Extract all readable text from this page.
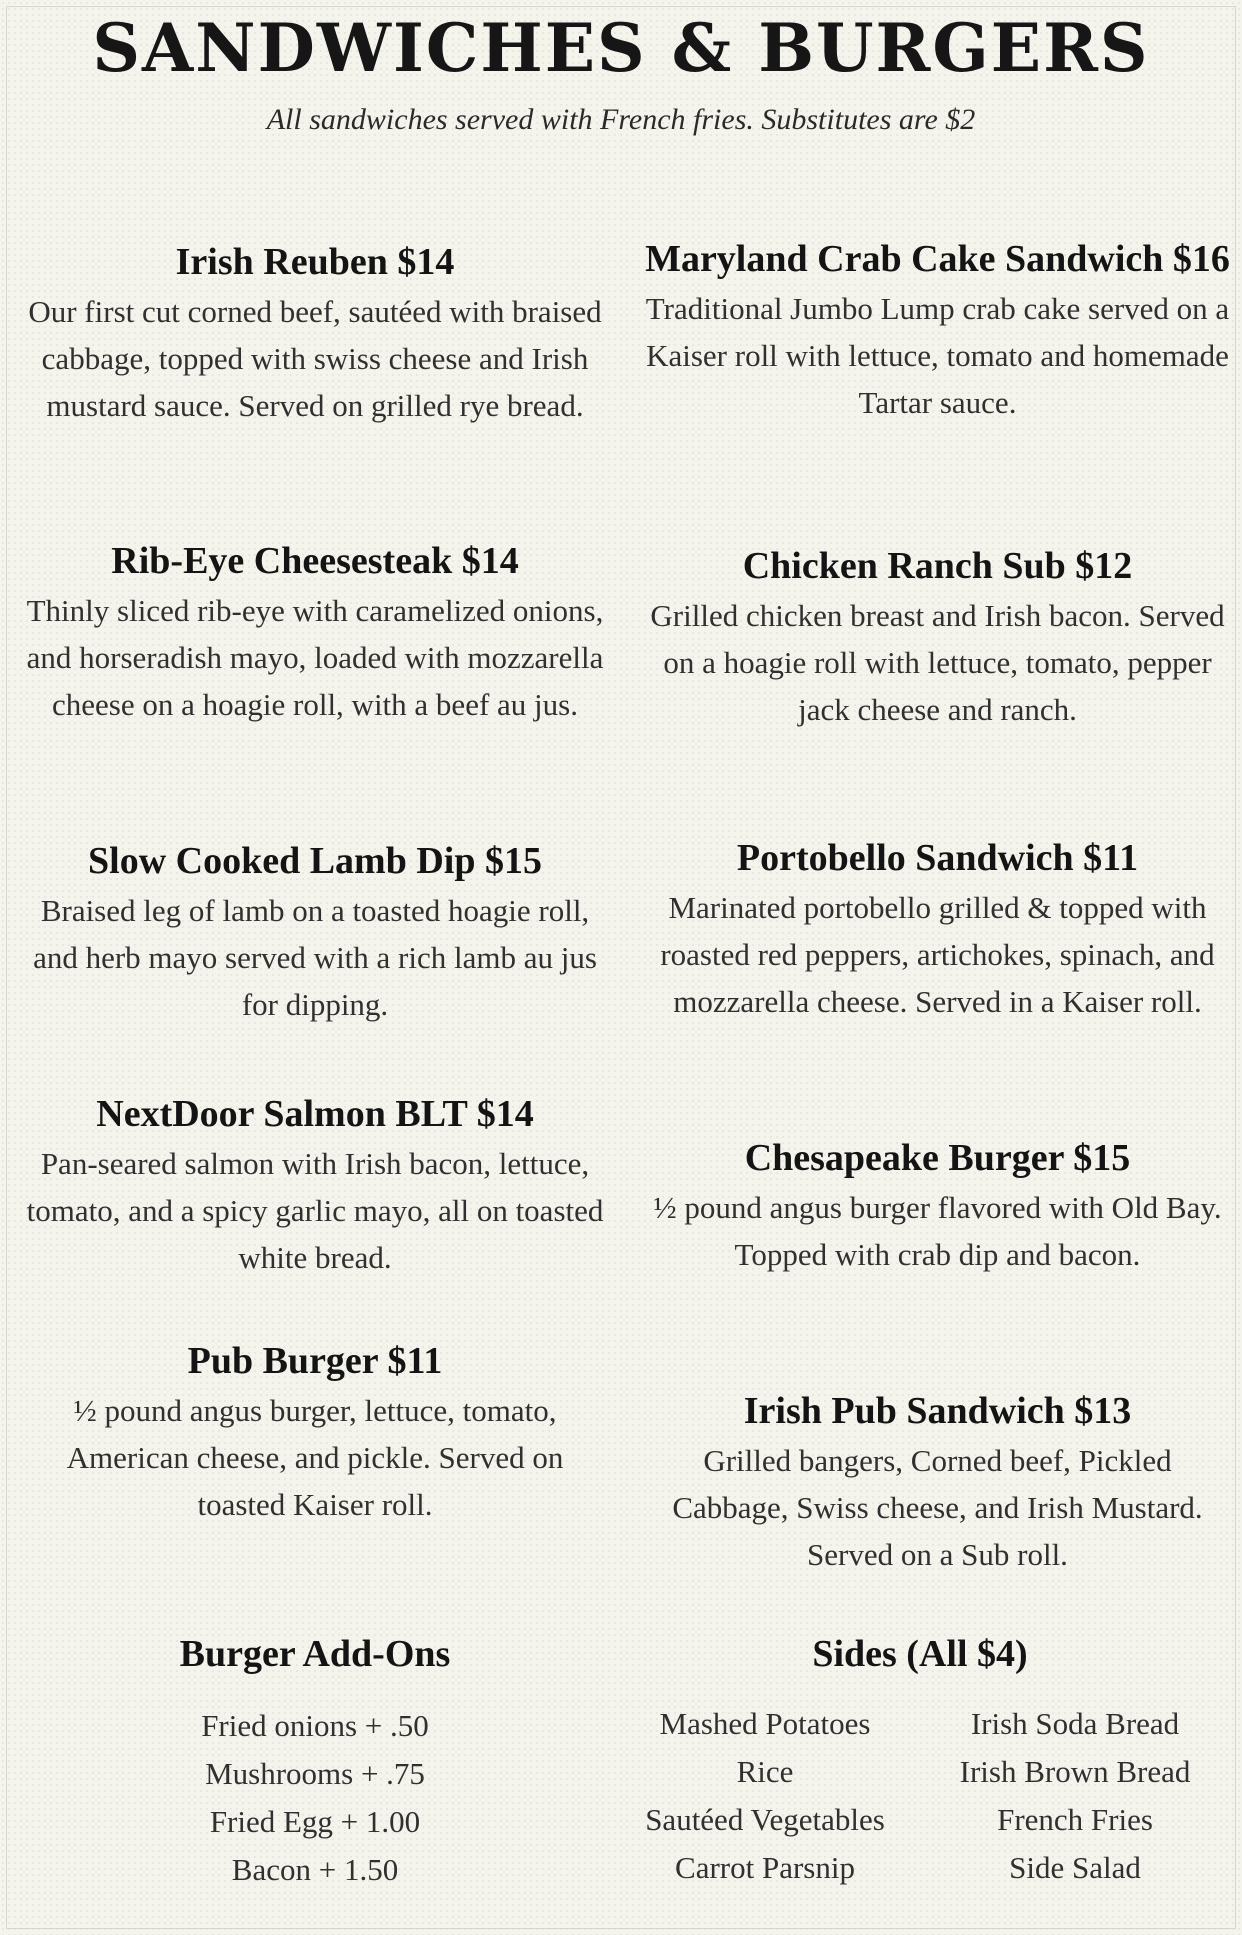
SANDWICHES & BURGERS

All sandwiches served with French fries. Substitutes are $2

Irish Reuben $14
Our first cut corned beef, sautéed with braised cabbage, topped with swiss cheese and Irish mustard sauce. Served on grilled rye bread.
Rib-Eye Cheesesteak $14
Thinly sliced rib-eye with caramelized onions, and horseradish mayo, loaded with mozzarella cheese on a hoagie roll, with a beef au jus.
Slow Cooked Lamb Dip $15
Braised leg of lamb on a toasted hoagie roll, and herb mayo served with a rich lamb au jus for dipping.
NextDoor Salmon BLT $14
Pan-seared salmon with Irish bacon, lettuce, tomato, and a spicy garlic mayo, all on toasted white bread.
Pub Burger $11
½ pound angus burger, lettuce, tomato, American cheese, and pickle. Served on toasted Kaiser roll.
Maryland Crab Cake Sandwich $16
Traditional Jumbo Lump crab cake served on a Kaiser roll with lettuce, tomato and homemade Tartar sauce.
Chicken Ranch Sub $12
Grilled chicken breast and Irish bacon. Served on a hoagie roll with lettuce, tomato, pepper jack cheese and ranch.
Portobello Sandwich $11
Marinated portobello grilled & topped with roasted red peppers, artichokes, spinach, and mozzarella cheese. Served in a Kaiser roll.
Chesapeake Burger $15
½ pound angus burger flavored with Old Bay. Topped with crab dip and bacon.
Irish Pub Sandwich $13
Grilled bangers, Corned beef, Pickled Cabbage, Swiss cheese, and Irish Mustard. Served on a Sub roll.
Burger Add-Ons
Fried onions + .50
Mushrooms + .75
Fried Egg + 1.00
Bacon + 1.50
Sides (All $4)
Mashed Potatoes	Irish Soda Bread
Rice	Irish Brown Bread
Sautéed Vegetables	French Fries
Carrot Parsnip	Side Salad
